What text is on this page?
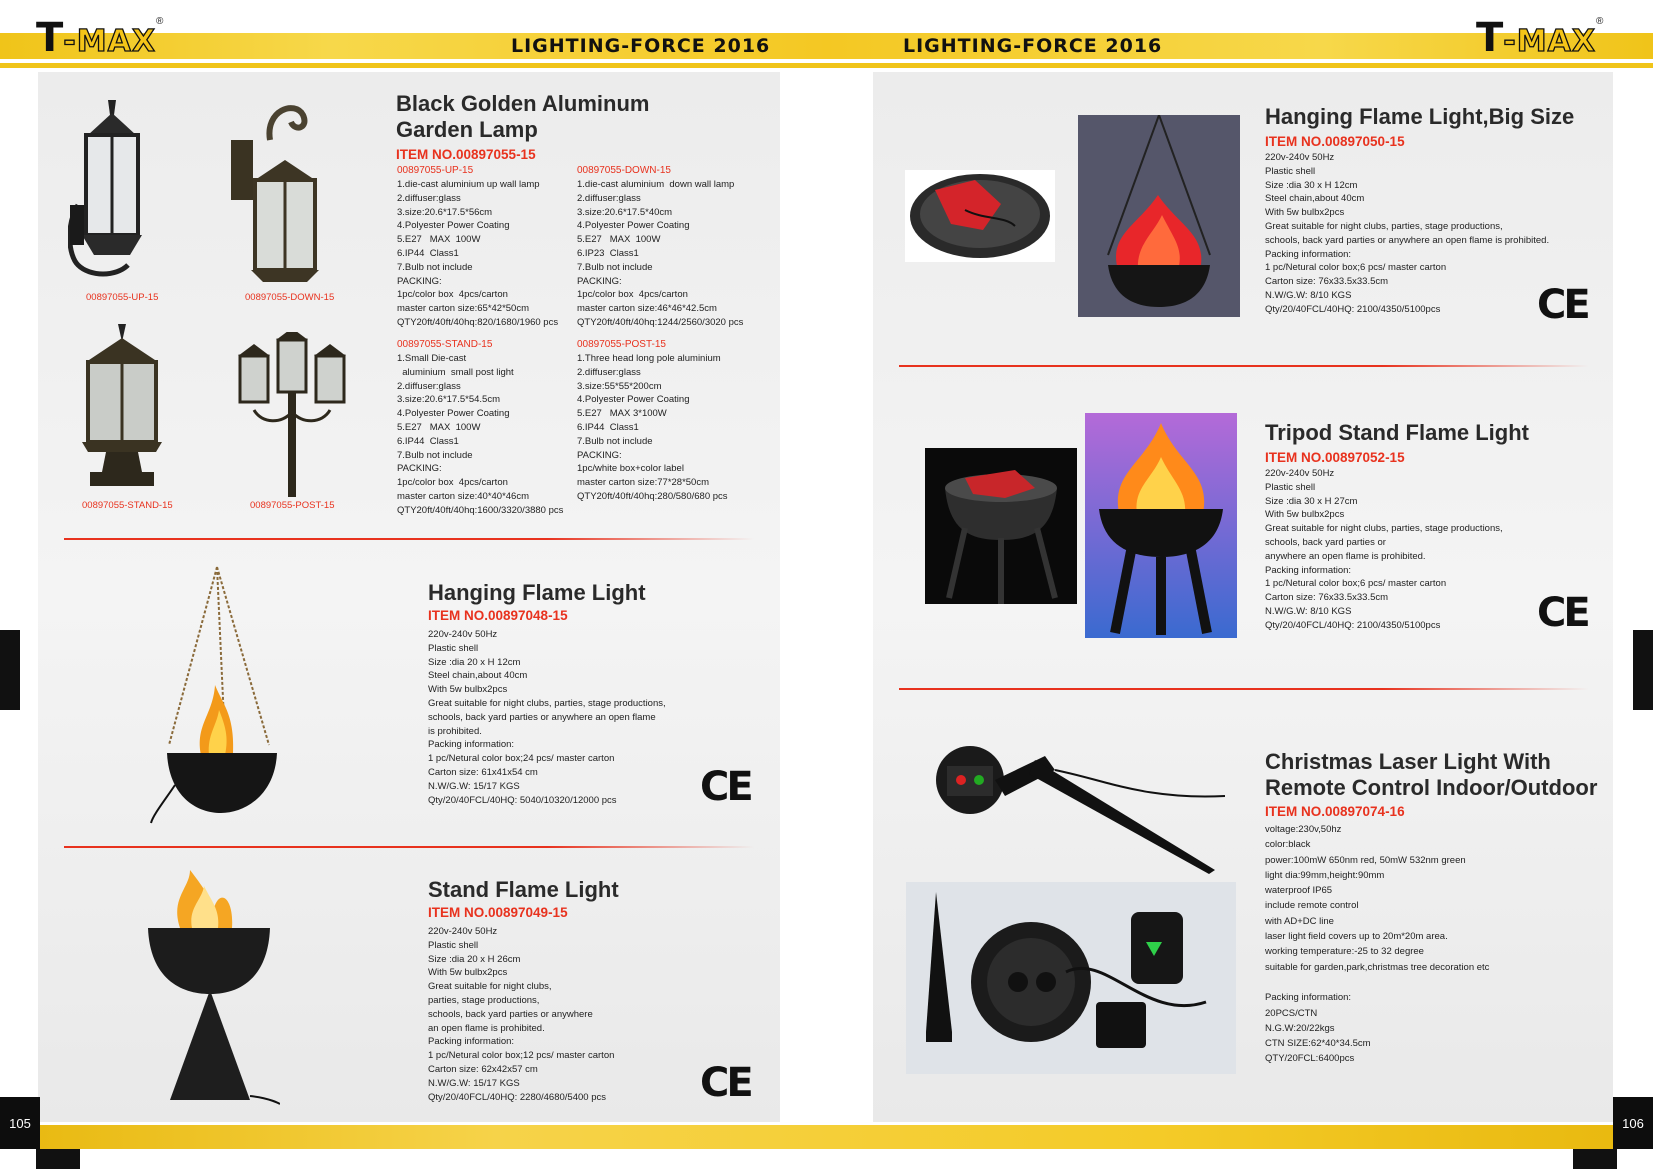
T-MAX®	T-MAX®
LIGHTING-FORCE 2016	LIGHTING-FORCE 2016
00897055-UP-15	00897055-DOWN-15
00897055-STAND-15	00897055-POST-15
Black Golden Aluminum
Garden Lamp
ITEM NO.00897055-15
00897055-UP-15
1.die-cast aluminium up wall lamp
2.diffuser:glass
3.size:20.6*17.5*56cm
4.Polyester Power Coating
5.E27   MAX  100W
6.IP44  Class1
7.Bulb not include
PACKING:
1pc/color box  4pcs/carton
master carton size:65*42*50cm
QTY20ft/40ft/40hq:820/1680/1960 pcs
00897055-DOWN-15
1.die-cast aluminium  down wall lamp
2.diffuser:glass
3.size:20.6*17.5*40cm
4.Polyester Power Coating
5.E27   MAX  100W
6.IP23  Class1
7.Bulb not include
PACKING:
1pc/color box  4pcs/carton
master carton size:46*46*42.5cm
QTY20ft/40ft/40hq:1244/2560/3020 pcs
00897055-STAND-15
1.Small Die-cast
aluminium  small post light
2.diffuser:glass
3.size:20.6*17.5*54.5cm
4.Polyester Power Coating
5.E27   MAX  100W
6.IP44  Class1
7.Bulb not include
PACKING:
1pc/color box  4pcs/carton
master carton size:40*40*46cm
QTY20ft/40ft/40hq:1600/3320/3880 pcs
00897055-POST-15
1.Three head long pole aluminium
2.diffuser:glass
3.size:55*55*200cm
4.Polyester Power Coating
5.E27   MAX 3*100W
6.IP44  Class1
7.Bulb not include
PACKING:
1pc/white box+color label
master carton size:77*28*50cm
QTY20ft/40ft/40hq:280/580/680 pcs
Hanging Flame Light
ITEM NO.00897048-15
220v-240v 50Hz
Plastic shell
Size :dia 20 x H 12cm
Steel chain,about 40cm
With 5w bulbx2pcs
Great suitable for night clubs, parties, stage productions,
schools, back yard parties or anywhere an open flame
is prohibited.
Packing information:
1 pc/Netural color box;24 pcs/ master carton
Carton size: 61x41x54 cm
N.W/G.W: 15/17 KGS
Qty/20/40FCL/40HQ: 5040/10320/12000 pcs	CE
Stand Flame Light
ITEM NO.00897049-15
220v-240v 50Hz
Plastic shell
Size :dia 20 x H 26cm
With 5w bulbx2pcs
Great suitable for night clubs,
parties, stage productions,
schools, back yard parties or anywhere
an open flame is prohibited.
Packing information:
1 pc/Netural color box;12 pcs/ master carton
Carton size: 62x42x57 cm
N.W/G.W: 15/17 KGS
Qty/20/40FCL/40HQ: 2280/4680/5400 pcs CE
Hanging Flame Light,Big Size
ITEM NO.00897050-15
220v-240v 50Hz
Plastic shell
Size :dia 30 x H 12cm
Steel chain,about 40cm
With 5w bulbx2pcs
Great suitable for night clubs, parties, stage productions,
schools, back yard parties or anywhere an open flame is prohibited.
Packing information:
1 pc/Netural color box;6 pcs/ master carton
Carton size: 76x33.5x33.5cm
N.W/G.W: 8/10 KGS
Qty/20/40FCL/40HQ: 2100/4350/5100pcs	CE
Tripod Stand Flame Light
ITEM NO.00897052-15
220v-240v 50Hz
Plastic shell
Size :dia 30 x H 27cm
With 5w bulbx2pcs
Great suitable for night clubs, parties, stage productions,
schools, back yard parties or
anywhere an open flame is prohibited.
Packing information:
1 pc/Netural color box;6 pcs/ master carton
Carton size: 76x33.5x33.5cm
N.W/G.W: 8/10 KGS
Qty/20/40FCL/40HQ: 2100/4350/5100pcs	CE
Christmas Laser Light With
Remote Control Indoor/Outdoor
ITEM NO.00897074-16
voltage:230v,50hz
color:black
power:100mW 650nm red, 50mW 532nm green
light dia:99mm,height:90mm
waterproof IP65
include remote control
with AD+DC line
laser light field covers up to 20m*20m area.
working temperature:-25 to 32 degree
suitable for garden,park,christmas tree decoration etc

Packing information:
20PCS/CTN
N.G.W:20/22kgs
CTN SIZE:62*40*34.5cm
QTY/20FCL:6400pcs
105	106
